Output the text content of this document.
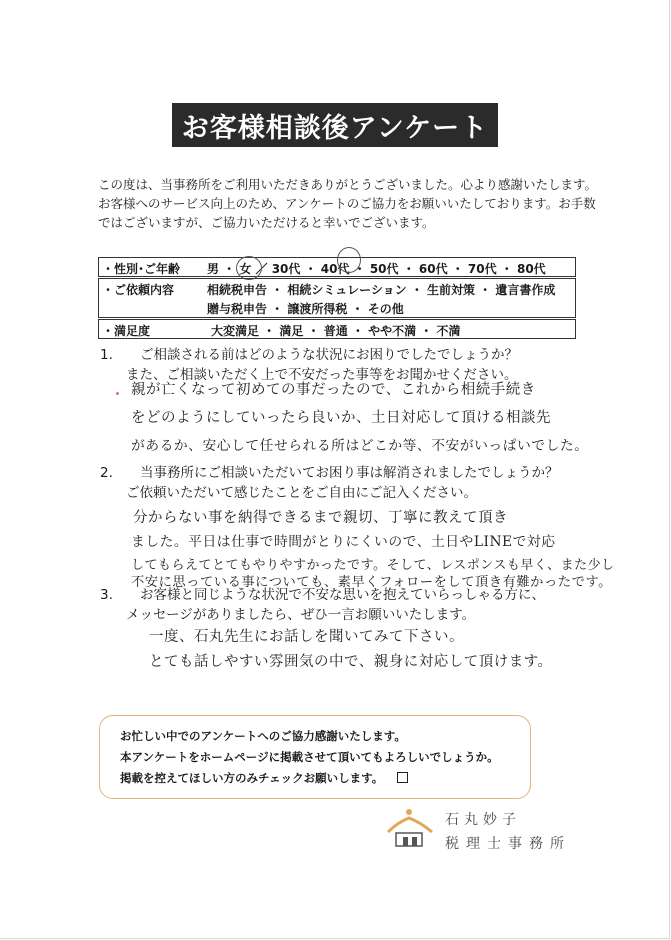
お客様相談後アンケート

この度は、当事務所をご利用いただきありがとうございました。心より感謝いたします。

お客様へのサービス向上のため、アンケートのご協力をお願いいたしております。お手数

ではございますが、ご協力いただけると幸いでございます。

・性別･ご年齢 男 ・ 女 ／ 30代 ・ 40代 ・ 50代 ・ 60代 ・ 70代 ・ 80代
・ご依頼内容	相続税申告 ・ 相続シミュレーション ・ 生前対策 ・ 遺言書作成
贈与税申告 ・ 譲渡所得税 ・ その他
・満足度	大変満足 ・ 満足 ・ 普通 ・ やや不満 ・ 不満
1.	ご相談される前はどのような状況にお困りでしたでしょうか？
また、ご相談いただく上で不安だった事等をお聞かせください。
親が亡くなって初めての事だったので、これから相続手続き
をどのようにしていったら良いか、土日対応して頂ける相談先
があるか、安心して任せられる所はどこか等、不安がいっぱいでした。
2.	当事務所にご相談いただいてお困り事は解消されましたでしょうか？
ご依頼いただいて感じたことをご自由にご記入ください。
分からない事を納得できるまで親切、丁寧に教えて頂き
ました。平日は仕事で時間がとりにくいので、土日やLINEで対応
してもらえてとてもやりやすかったです。そして、レスポンスも早く、また少し
不安に思っている事についても、素早くフォローをして頂き有難かったです。
3.	お客様と同じような状況で不安な思いを抱えていらっしゃる方に、
メッセージがありましたら、ぜひ一言お願いいたします。
一度、石丸先生にお話しを聞いてみて下さい。
とても話しやすい雰囲気の中で、親身に対応して頂けます。

お忙しい中でのアンケートへのご協力感謝いたします。

本アンケートをホームページに掲載させて頂いてもよろしいでしょうか。

掲載を控えてほしい方のみチェックお願いします。

石丸妙子
税理士事務所
